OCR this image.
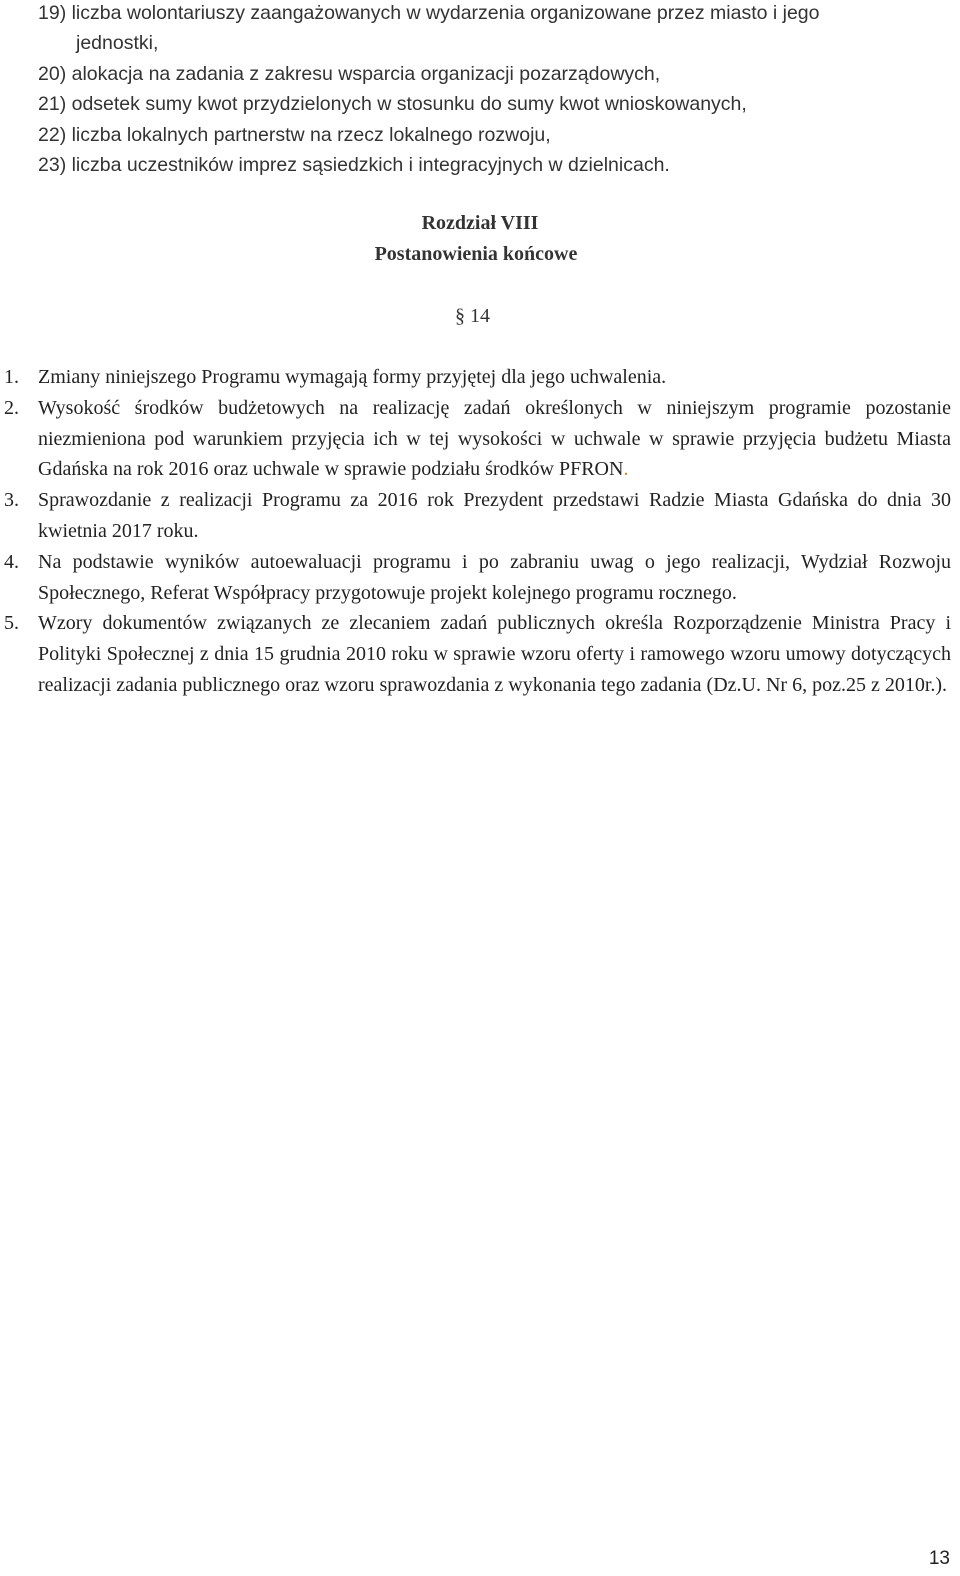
19) liczba wolontariuszy zaangażowanych w wydarzenia organizowane przez miasto i jego
jednostki,
20) alokacja na zadania z zakresu wsparcia organizacji pozarządowych,
21) odsetek sumy kwot przydzielonych w stosunku do sumy kwot wnioskowanych,
22) liczba lokalnych partnerstw na rzecz lokalnego rozwoju,
23) liczba uczestników imprez sąsiedzkich i integracyjnych w dzielnicach.
Rozdział VIII
Postanowienia końcowe
§ 14
1. Zmiany niniejszego Programu wymagają formy przyjętej dla jego uchwalenia.
2. Wysokość środków budżetowych na realizację zadań określonych w niniejszym programie pozostanie niezmieniona pod warunkiem przyjęcia ich w tej wysokości w uchwale w sprawie przyjęcia budżetu Miasta Gdańska na rok 2016 oraz uchwale w sprawie podziału środków PFRON.
3. Sprawozdanie z realizacji Programu za 2016 rok Prezydent przedstawi Radzie Miasta Gdańska do dnia 30 kwietnia 2017 roku.
4. Na podstawie wyników autoewaluacji programu i po zabraniu uwag o jego realizacji, Wydział Rozwoju Społecznego, Referat Współpracy przygotowuje projekt kolejnego programu rocznego.
5. Wzory dokumentów związanych ze zlecaniem zadań publicznych określa Rozporządzenie Ministra Pracy i Polityki Społecznej z dnia 15 grudnia 2010 roku w sprawie wzoru oferty i ramowego wzoru umowy dotyczących realizacji zadania publicznego oraz wzoru sprawozdania z wykonania tego zadania (Dz.U. Nr 6, poz.25 z 2010r.).
13
